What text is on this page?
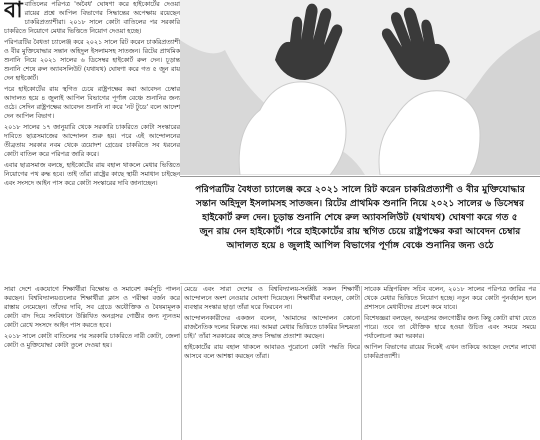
বা বাতিলের পরিপত্র 'অবৈধ' ঘোষণা করে হাইকোর্টের দেওয়া রায়ের প্রশ্নে আপিল বিভাগের সিদ্ধান্তের অপেক্ষায় রয়েছেন চাকরিপ্রত্যাশীরা। ২০১৮ সালে কোটা বাতিলের পর সরকারি চাকরিতে নিয়োগে মেধার ভিত্তিতে নিয়োগ দেওয়া হচ্ছে।

পরিপত্রটির বৈধতা চ্যালেঞ্জ করে ২০২১ সালে রিট করেন চাকরিপ্রত্যাশী ও বীর মুক্তিযোদ্ধার সন্তান অহিদুল ইসলামসহ সাতজন। রিটের প্রাথমিক শুনানি নিয়ে ২০২১ সালের ৬ ডিসেম্বর হাইকোর্ট রুল দেন। চূড়ান্ত শুনানি শেষে রুল অ্যাবসলিউট (যথাযথ) ঘোষণা করে গত ৫ জুন রায় দেন হাইকোর্ট।

পরে হাইকোর্টের রায় স্থগিত চেয়ে রাষ্ট্রপক্ষের করা আবেদন চেম্বার আদালত হয়ে ৪ জুলাই আপিল বিভাগের পূর্ণাঙ্গ বেঞ্চে শুনানির জন্য ওঠে। সেদিন রাষ্ট্রপক্ষের আবেদন শুনানি না করে 'নট টুডে' বলে আদেশ দেন আপিল বিভাগ।

২০১৮ সালের ১৭ জানুয়ারি থেকে সরকারি চাকরিতে কোটা সংস্কারের দাবিতে ছাত্রসমাজের আন্দোলন শুরু হয়। পরে এই আন্দোলনের তীব্রতায় সরকার নবম থেকে ত্রয়োদশ গ্রেডের চাকরিতে সব ধরনের কোটা বাতিল করে পরিপত্র জারি করে।

এবার ছাত্রসমাজ বলছে, হাইকোর্টের রায় বহাল থাকলে মেধার ভিত্তিতে নিয়োগের পথ রুদ্ধ হবে। তাই তাঁরা রাষ্ট্রের কাছে স্থায়ী সমাধান চাইছেন এবং সংসদে আইন পাস করে কোটা সংস্কারের দাবি জানাচ্ছেন।

পরিপত্রটির বৈধতা চ্যালেঞ্জ করে ২০২১ সালে রিট করেন চাকরিপ্রত্যাশী ও বীর মুক্তিযোদ্ধার সন্তান অহিদুল ইসলামসহ সাতজন। রিটের প্রাথমিক শুনানি নিয়ে ২০২১ সালের ৬ ডিসেম্বর হাইকোর্ট রুল দেন। চূড়ান্ত শুনানি শেষে রুল অ্যাবসলিউট (যথাযথ) ঘোষণা করে গত ৫ জুন রায় দেন হাইকোর্ট। পরে হাইকোর্টের রায় স্থগিত চেয়ে রাষ্ট্রপক্ষের করা আবেদন চেম্বার আদালত হয়ে ৪ জুলাই আপিল বিভাগের পূর্ণাঙ্গ বেঞ্চে শুনানির জন্য ওঠে

সারা দেশে একযোগে শিক্ষার্থীরা বিক্ষোভ ও সমাবেশ কর্মসূচি পালন করছেন। বিশ্ববিদ্যালয়গুলোর শিক্ষার্থীরা ক্লাস ও পরীক্ষা বর্জন করে রাস্তায় নেমেছেন। তাঁদের দাবি, সব গ্রেডে অযৌক্তিক ও বৈষম্যমূলক কোটা বাদ দিয়ে সংবিধানে উল্লিখিত অনগ্রসর গোষ্ঠীর জন্য ন্যূনতম কোটা রেখে সংসদে আইন পাস করতে হবে।

২০১৮ সালে কোটা বাতিলের পর সরকারি চাকরিতে নারী কোটা, জেলা কোটা ও মুক্তিযোদ্ধা কোটা তুলে দেওয়া হয়।

মেডে এবং সারা দেশের ও বিশ্ববিদ্যালয়-সংশ্লিষ্ট সকল শিক্ষার্থী আন্দোলনে অংশ নেওয়ার ঘোষণা দিয়েছেন। শিক্ষার্থীরা বলছেন, কোটা ব্যবস্থার সংস্কার ছাড়া তাঁরা ঘরে ফিরবেন না।

আন্দোলনকারীদের একজন বলেন, 'আমাদের আন্দোলন কোনো রাজনৈতিক দলের বিরুদ্ধে নয়। আমরা মেধার ভিত্তিতে চাকরির নিশ্চয়তা চাই।' তাঁরা সরকারের কাছে দ্রুত সিদ্ধান্ত প্রত্যাশা করছেন।

হাইকোর্টের রায় বহাল থাকলে আবারও পুরোনো কোটা পদ্ধতি ফিরে আসবে বলে আশঙ্কা করছেন তাঁরা।

সাবেক মন্ত্রিপরিষদ সচিব বলেন, ২০১৮ সালের পরিপত্র জারির পর থেকে মেধার ভিত্তিতে নিয়োগ হচ্ছে। নতুন করে কোটা পুনর্বহাল হলে প্রশাসনে মেধাবীদের প্রবেশ কমে যাবে।

বিশেষজ্ঞরা বলছেন, অনগ্রসর জনগোষ্ঠীর জন্য কিছু কোটা রাখা যেতে পারে। তবে তা যৌক্তিক হারে হওয়া উচিত এবং সময়ে সময়ে পর্যালোচনা করা দরকার।

আপিল বিভাগের রায়ের দিকেই এখন তাকিয়ে আছেন দেশের লাখো চাকরিপ্রত্যাশী।
